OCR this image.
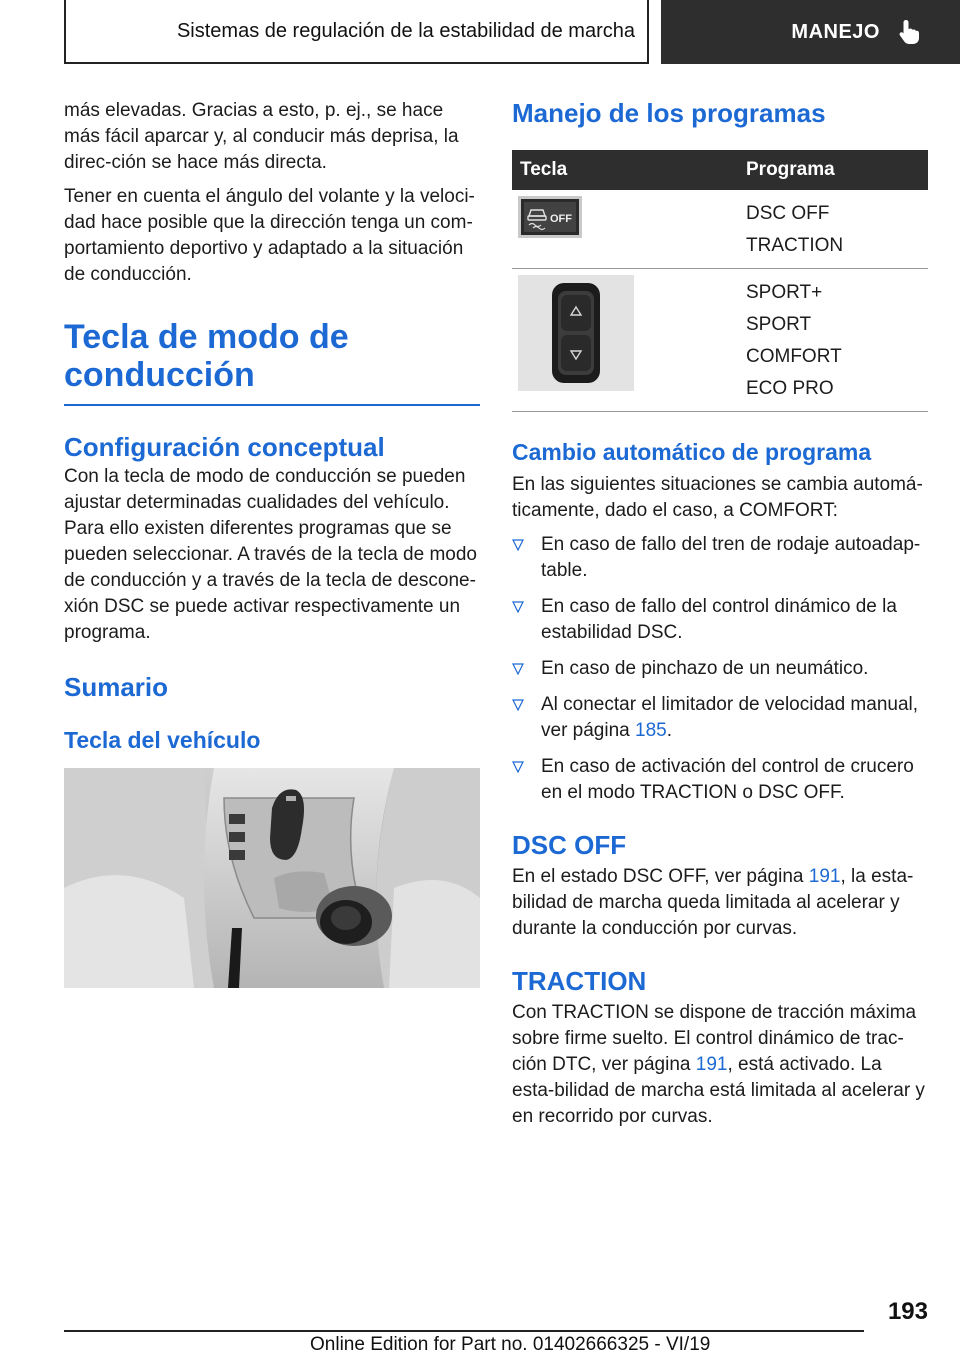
Sistemas de regulación de la estabilidad de marcha	MANEJO

más elevadas. Gracias a esto, p. ej., se hace más fácil aparcar y, al conducir más deprisa, la direc‐ción se hace más directa.

Tener en cuenta el ángulo del volante y la veloci‐dad hace posible que la dirección tenga un com‐portamiento deportivo y adaptado a la situación de conducción.

Tecla de modo de conducción
Configuración conceptual

Con la tecla de modo de conducción se pueden ajustar determinadas cualidades del vehículo. Para ello existen diferentes programas que se pueden seleccionar. A través de la tecla de modo de conducción y a través de la tecla de descone‐xión DSC se puede activar respectivamente un programa.

Sumario
Tecla del vehículo
Manejo de los programas
Tecla	Programa

OFF	DSC OFF
TRACTION

SPORT+
SPORT
COMFORT
ECO PRO
Cambio automático de programa

En las siguientes situaciones se cambia automá‐ticamente, dado el caso, a COMFORT:

En caso de fallo del tren de rodaje autoadap‐table.
En caso de fallo del control dinámico de la estabilidad DSC.
En caso de pinchazo de un neumático.
Al conectar el limitador de velocidad manual, ver página 185.
En caso de activación del control de crucero en el modo TRACTION o DSC OFF.
DSC OFF

En el estado DSC OFF, ver página 191, la esta‐bilidad de marcha queda limitada al acelerar y durante la conducción por curvas.

TRACTION

Con TRACTION se dispone de tracción máxima sobre firme suelto. El control dinámico de trac‐ción DTC, ver página 191, está activado. La esta‐bilidad de marcha está limitada al acelerar y en recorrido por curvas.

193
Online Edition for Part no. 01402666325 - VI/19
